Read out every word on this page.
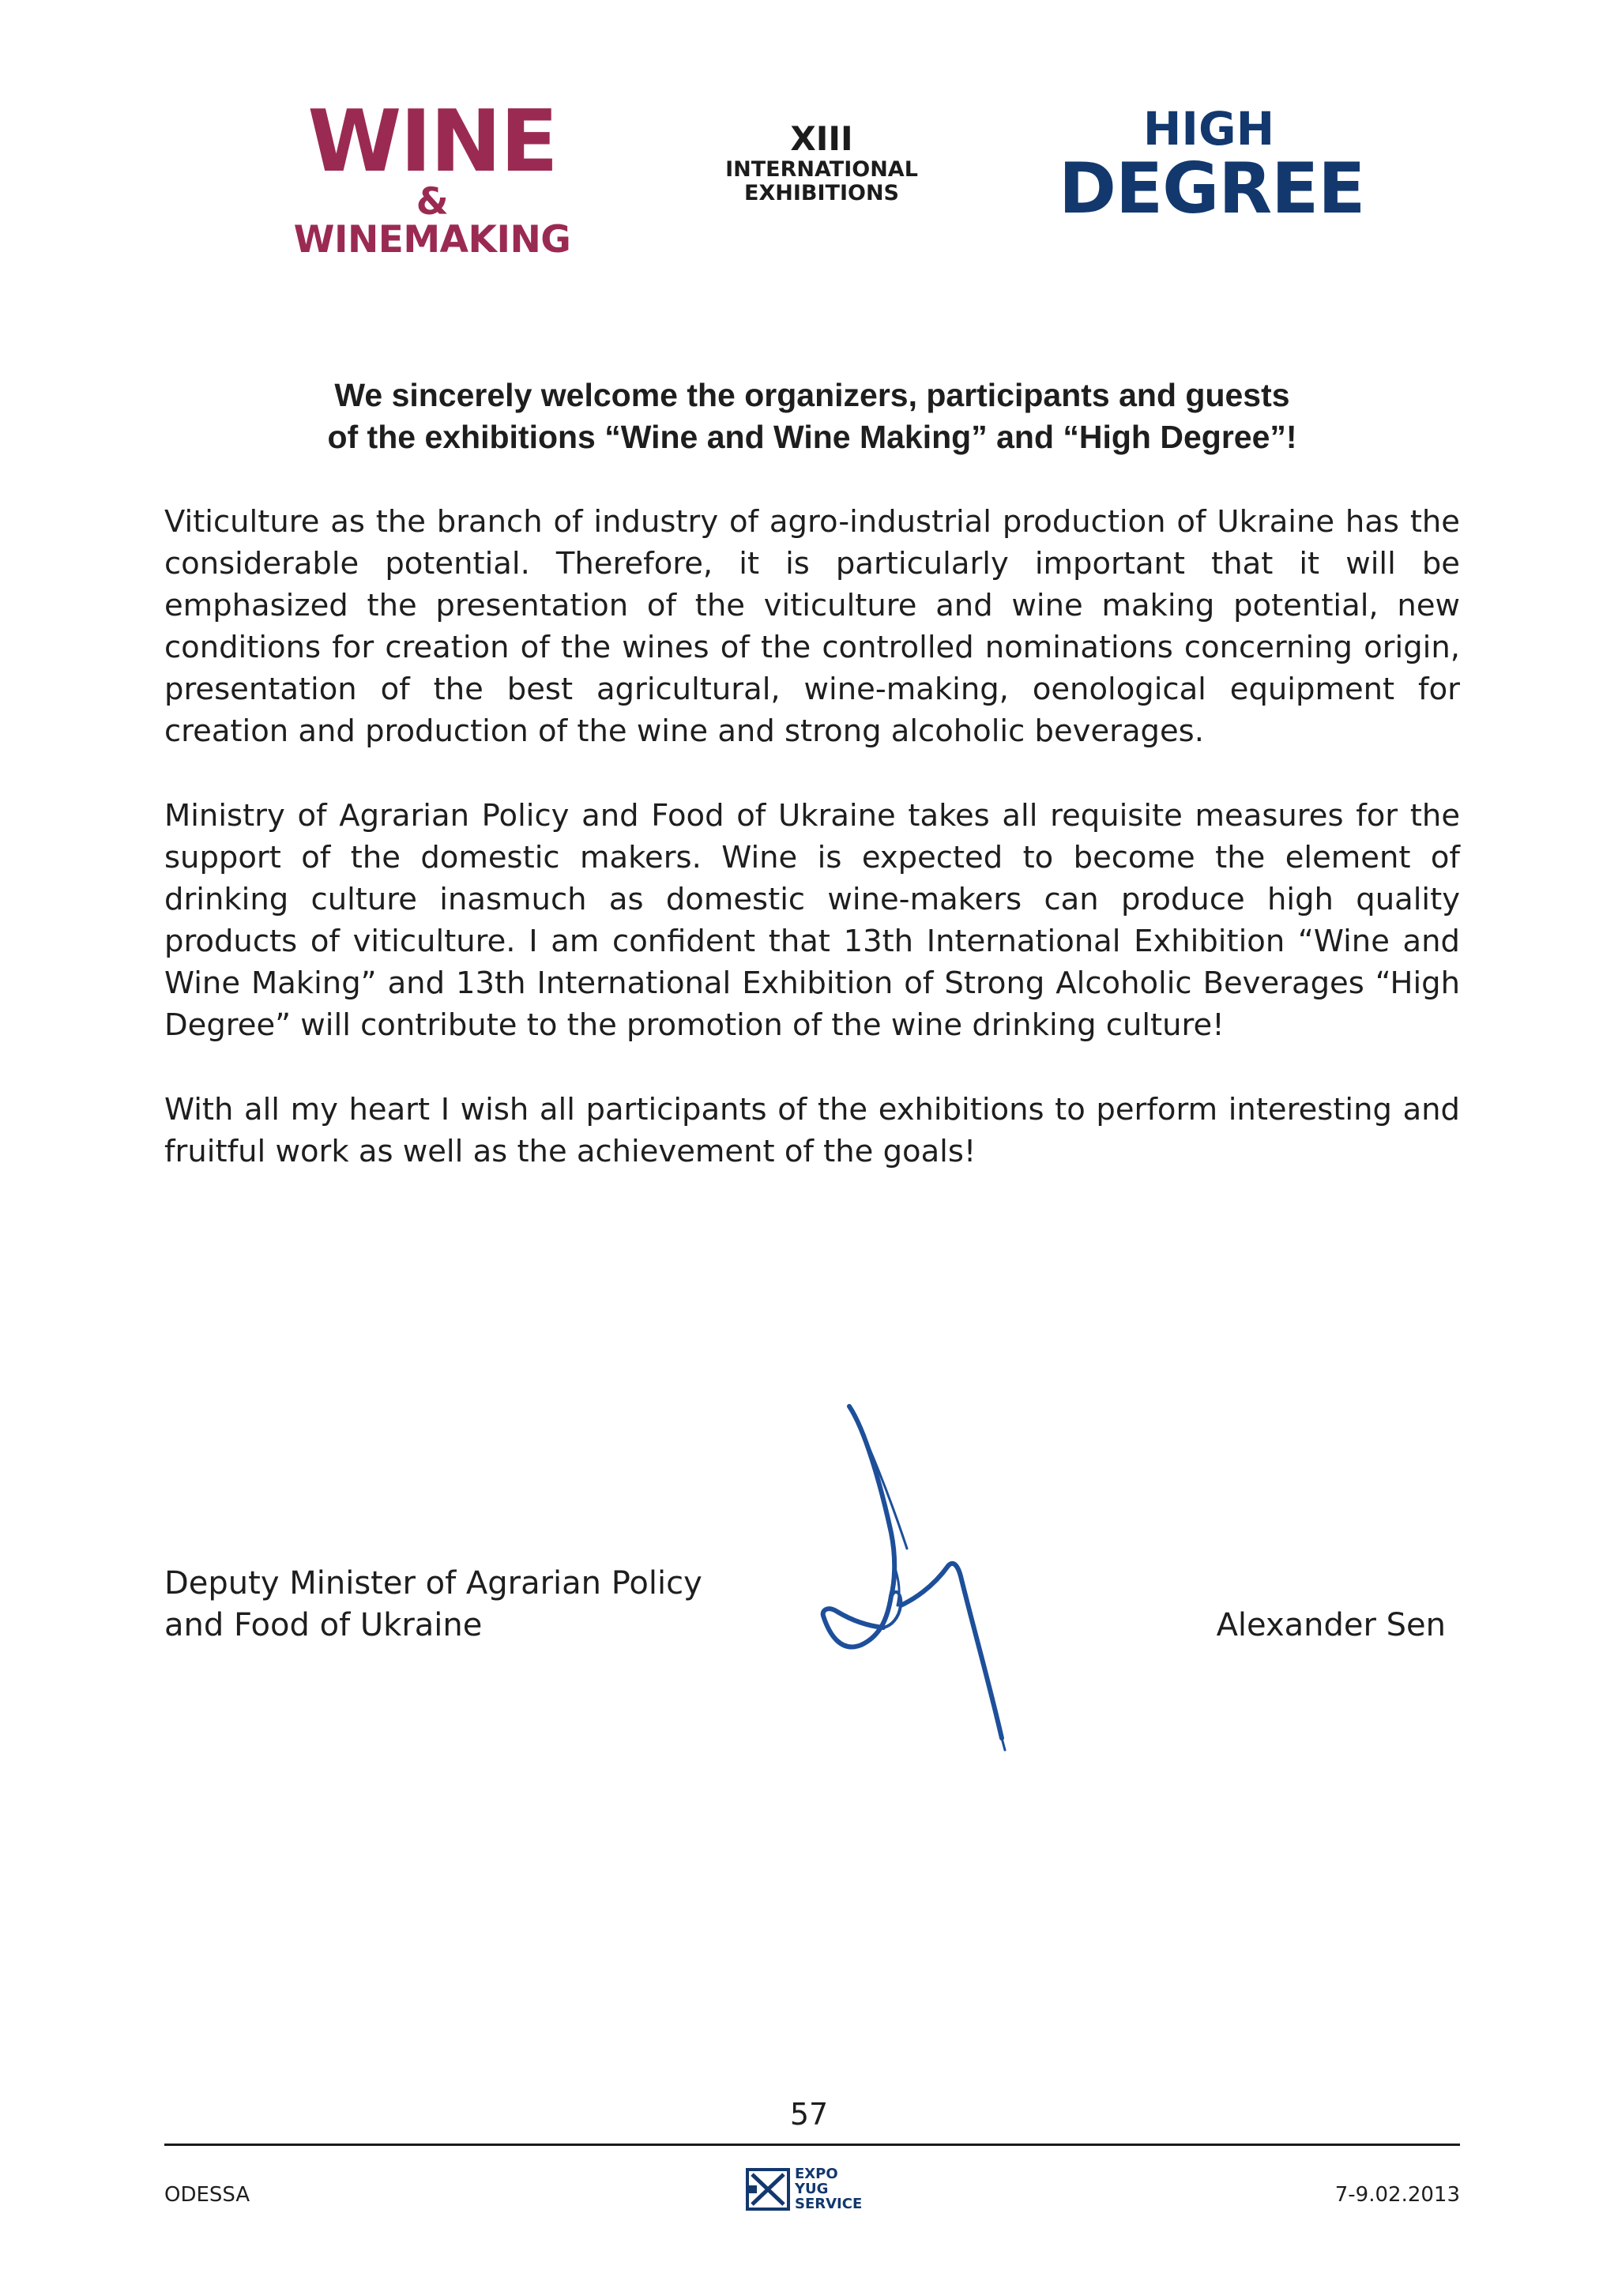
WINE
& WINEMAKING
XIII
INTERNATIONAL
EXHIBITIONS
HIGH
DEGREE
We sincerely welcome the organizers, participants and guests
of the exhibitions “Wine and Wine Making” and “High Degree”!

Viticulture as the branch of industry of agro-industrial production of Ukraine has the considerable potential. Therefore, it is particularly important that it will be emphasized the presentation of the viticulture and wine making potential, new conditions for creation of the wines of the controlled nominations concerning origin, presentation of the best agricultural, wine-making, oenological equipment for creation and production of the wine and strong alcoholic beverages.

Ministry of Agrarian Policy and Food of Ukraine takes all requisite measures for the support of the domestic makers. Wine is expected to become the element of drinking culture inasmuch as domestic wine-makers can produce high quality products of viticulture. I am confident that 13th International Exhibition “Wine and Wine Making” and 13th International Exhibition of Strong Alcoholic Beverages “High Degree” will contribute to the promotion of the wine drinking culture!

With all my heart I wish all participants of the exhibitions to perform interesting and fruitful work as well as the achievement of the goals!

Deputy Minister of Agrarian Policy
and Food of Ukraine	Alexander Sen
57
ODESSA
EXPO
YUG
SERVICE	7-9.02.2013
